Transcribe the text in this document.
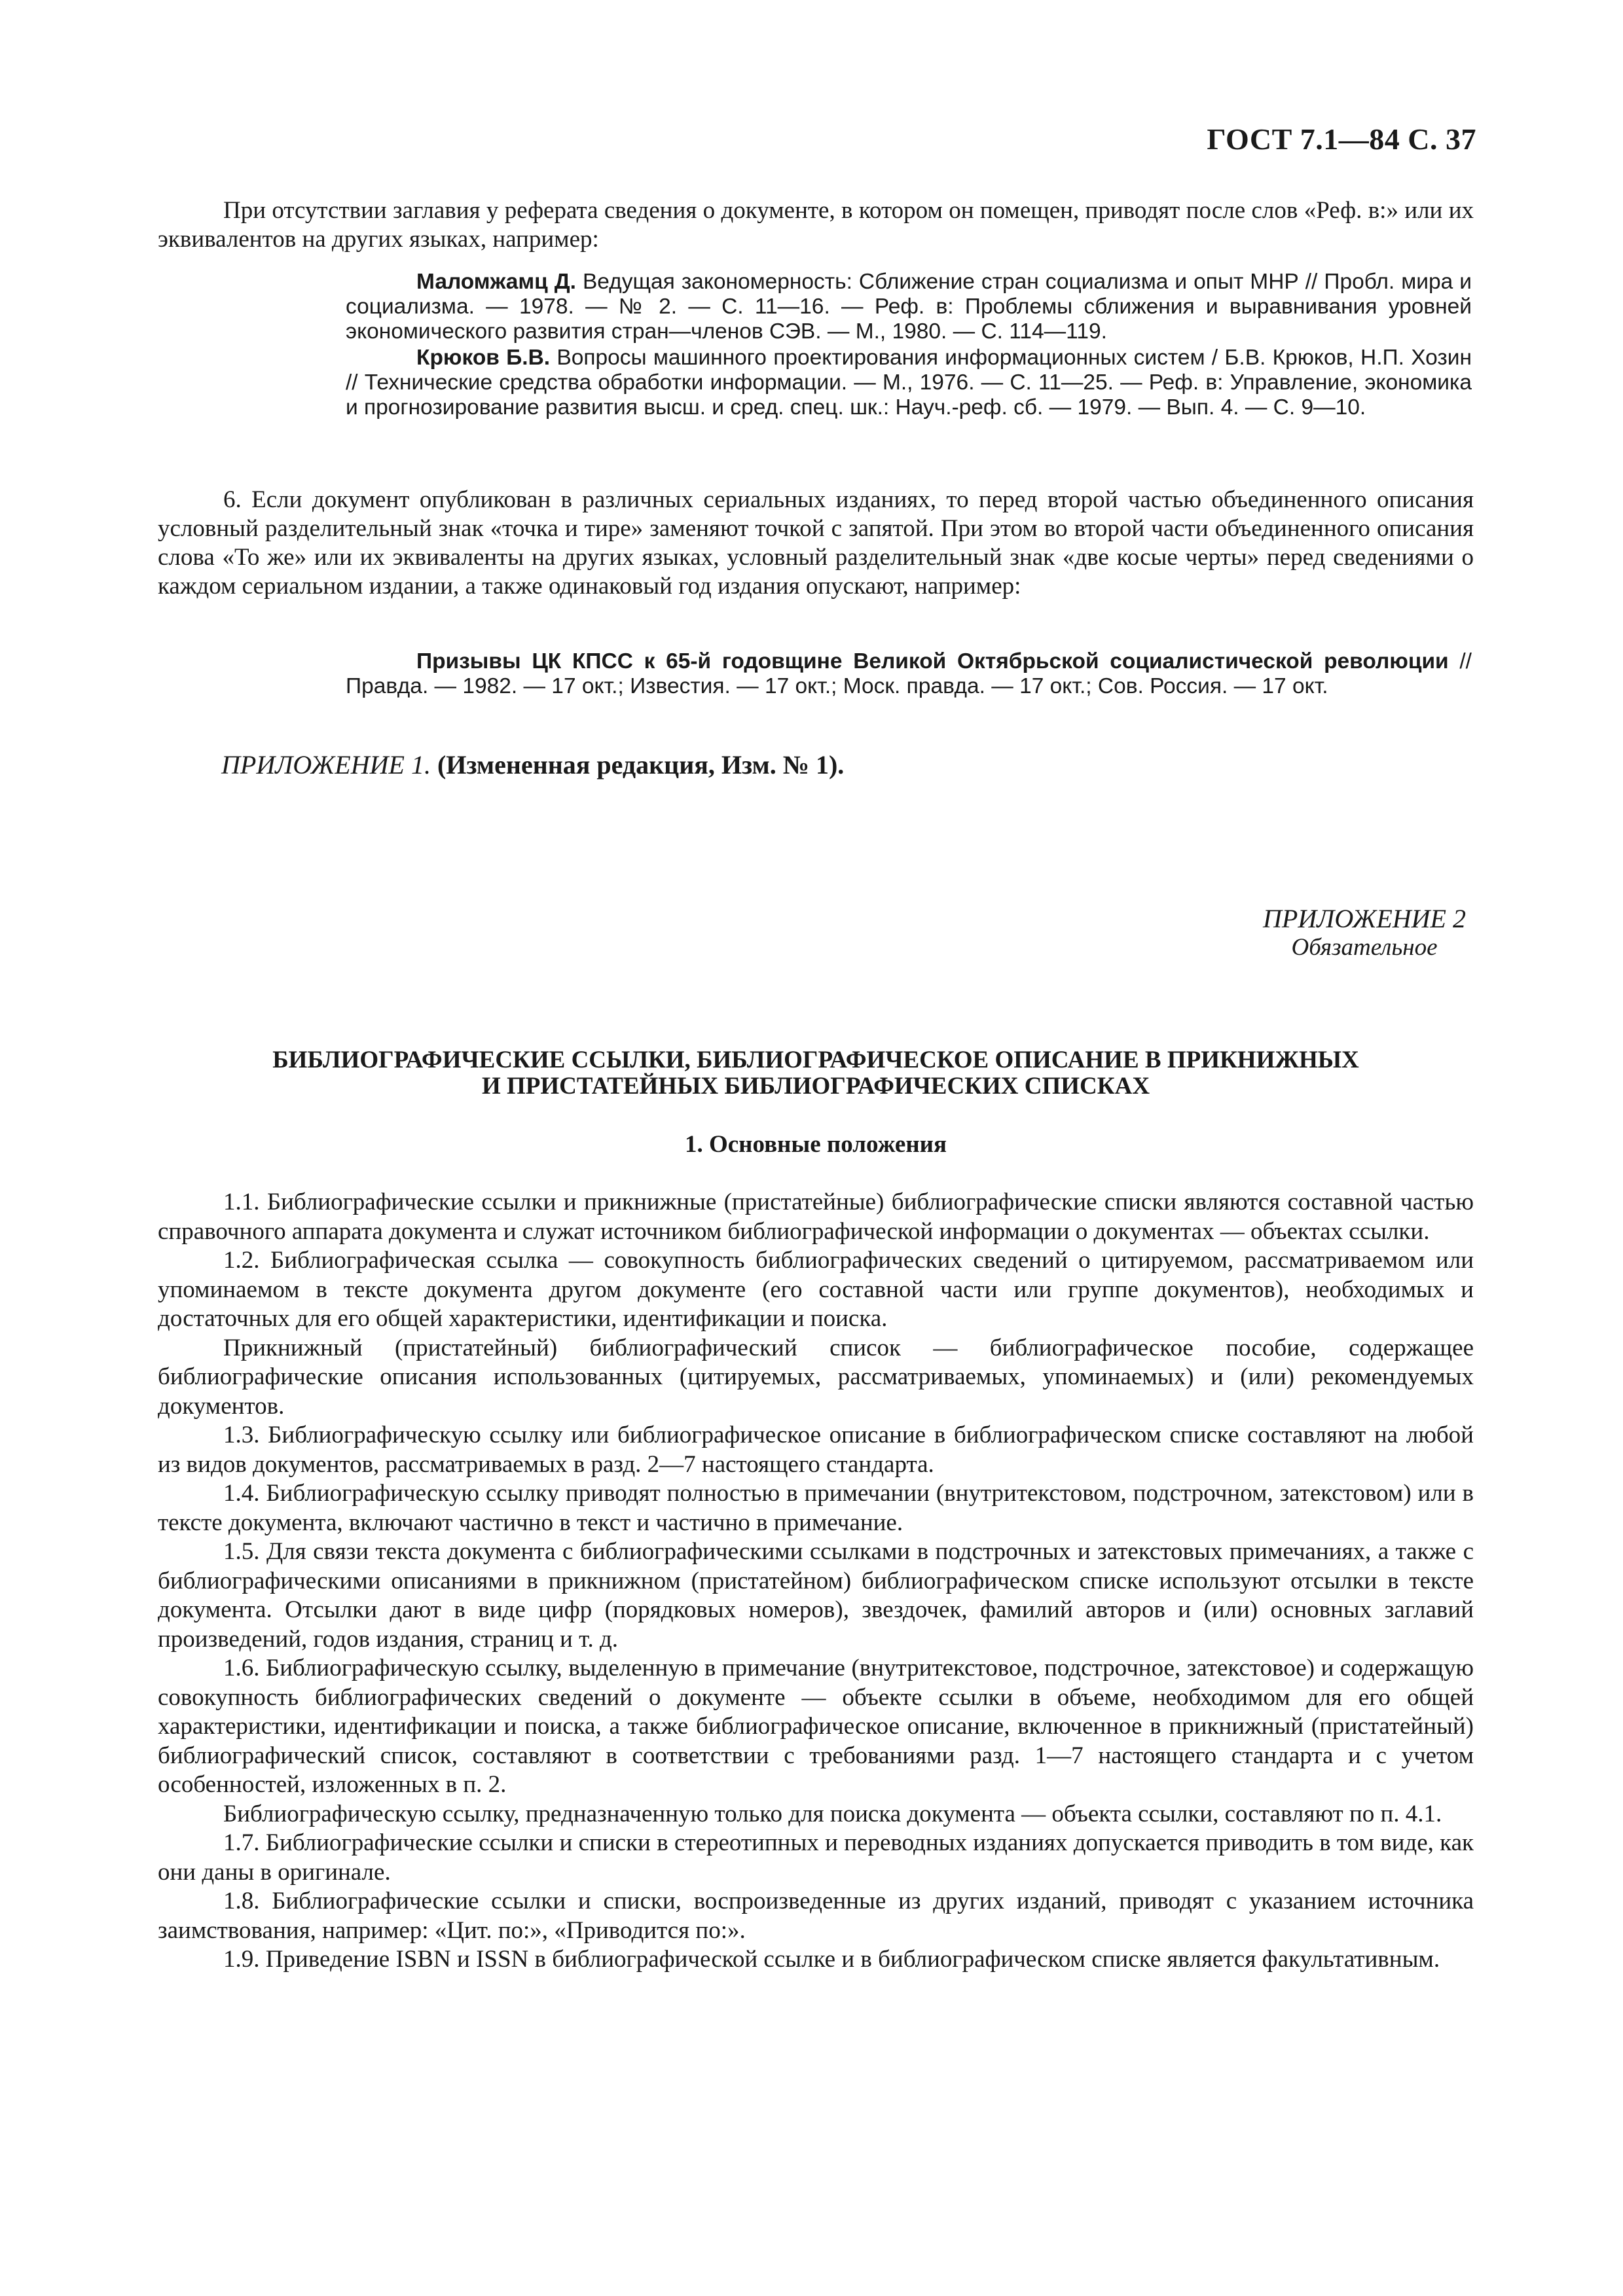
ГОСТ 7.1—84 С. 37
При отсутствии заглавия у реферата сведения о документе, в котором он помещен, приводят после слов «Реф. в:» или их эквивалентов на других языках, например:
Маломжамц Д. Ведущая закономерность: Сближение стран социализма и опыт МНР // Пробл. мира и социализма. — 1978. — № 2. — С. 11—16. — Реф. в: Проблемы сближения и выравнивания уровней экономического развития стран—членов СЭВ. — М., 1980. — С. 114—119.
Крюков Б.В. Вопросы машинного проектирования информационных систем / Б.В. Крюков, Н.П. Хозин // Технические средства обработки информации. — М., 1976. — С. 11—25. — Реф. в: Управление, экономика и прогнозирование развития высш. и сред. спец. шк.: Науч.-реф. сб. — 1979. — Вып. 4. — С. 9—10.
6. Если документ опубликован в различных сериальных изданиях, то перед второй частью объединенного описания условный разделительный знак «точка и тире» заменяют точкой с запятой. При этом во второй части объединенного описания слова «То же» или их эквиваленты на других языках, условный разделительный знак «две косые черты» перед сведениями о каждом сериальном издании, а также одинаковый год издания опускают, например:
Призывы ЦК КПСС к 65-й годовщине Великой Октябрьской социалистической революции // Правда. — 1982. — 17 окт.; Известия. — 17 окт.; Моск. правда. — 17 окт.; Сов. Россия. — 17 окт.
ПРИЛОЖЕНИЕ 1. (Измененная редакция, Изм. № 1).
ПРИЛОЖЕНИЕ 2
Обязательное
БИБЛИОГРАФИЧЕСКИЕ ССЫЛКИ, БИБЛИОГРАФИЧЕСКОЕ ОПИСАНИЕ В ПРИКНИЖНЫХ
И ПРИСТАТЕЙНЫХ БИБЛИОГРАФИЧЕСКИХ СПИСКАХ
1. Основные положения

1.1. Библиографические ссылки и прикнижные (пристатейные) библиографические списки являются составной частью справочного аппарата документа и служат источником библиографической информации о документах — объектах ссылки.

1.2. Библиографическая ссылка — совокупность библиографических сведений о цитируемом, рассматриваемом или упоминаемом в тексте документа другом документе (его составной части или группе документов), необходимых и достаточных для его общей характеристики, идентификации и поиска.

Прикнижный (пристатейный) библиографический список — библиографическое пособие, содержащее библиографические описания использованных (цитируемых, рассматриваемых, упоминаемых) и (или) рекомендуемых документов.

1.3. Библиографическую ссылку или библиографическое описание в библиографическом списке составляют на любой из видов документов, рассматриваемых в разд. 2—7 настоящего стандарта.

1.4. Библиографическую ссылку приводят полностью в примечании (внутритекстовом, подстрочном, затекстовом) или в тексте документа, включают частично в текст и частично в примечание.

1.5. Для связи текста документа с библиографическими ссылками в подстрочных и затекстовых примечаниях, а также с библиографическими описаниями в прикнижном (пристатейном) библиографическом списке используют отсылки в тексте документа. Отсылки дают в виде цифр (порядковых номеров), звездочек, фамилий авторов и (или) основных заглавий произведений, годов издания, страниц и т. д.

1.6. Библиографическую ссылку, выделенную в примечание (внутритекстовое, подстрочное, затекстовое) и содержащую совокупность библиографических сведений о документе — объекте ссылки в объеме, необходимом для его общей характеристики, идентификации и поиска, а также библиографическое описание, включенное в прикнижный (пристатейный) библиографический список, составляют в соответствии с требованиями разд. 1—7 настоящего стандарта и с учетом особенностей, изложенных в п. 2.

Библиографическую ссылку, предназначенную только для поиска документа — объекта ссылки, составляют по п. 4.1.

1.7. Библиографические ссылки и списки в стереотипных и переводных изданиях допускается приводить в том виде, как они даны в оригинале.

1.8. Библиографические ссылки и списки, воспроизведенные из других изданий, приводят с указанием источника заимствования, например: «Цит. по:», «Приводится по:».

1.9. Приведение ISBN и ISSN в библиографической ссылке и в библиографическом списке является факультативным.
